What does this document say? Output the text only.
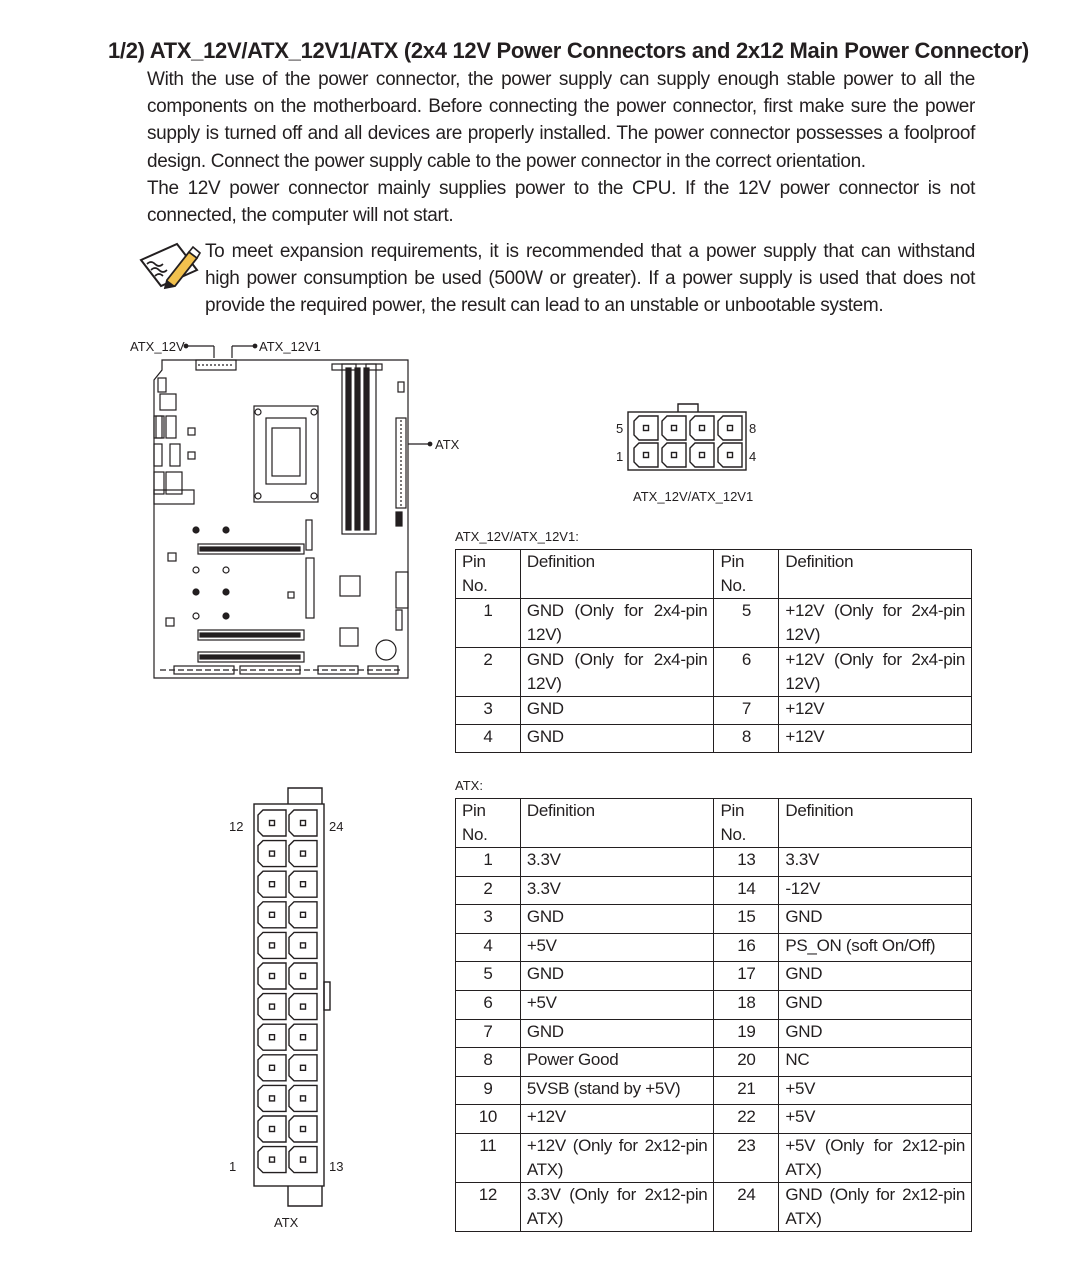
1/2) ATX_12V/ATX_12V1/ATX (2x4 12V Power Connectors and 2x12 Main Power Connector)

With the use of the power connector, the power supply can supply enough stable power to all the components on the motherboard. Before connecting the power connector, first make sure the power supply is turned off and all devices are properly installed. The power connector possesses a foolproof design. Connect the power supply cable to the power connector in the correct orientation.

The 12V power connector mainly supplies power to the CPU. If the 12V power connector is not connected, the computer will not start.

To meet expansion requirements, it is recommended that a power supply that can withstand high power consumption be used (500W or greater). If a power supply is used that does not provide the required power, the result can lead to an unstable or unbootable system.
ATX_12V	ATX_12V1
ATX
5	8
1	4
ATX_12V/ATX_12V1
12	24
1	13
ATX
ATX_12V/ATX_12V1:
Pin No.	Definition	Pin No.	Definition
1	GND (Only for 2x4-pin 12V)	5	+12V (Only for 2x4-pin 12V)
2	GND (Only for 2x4-pin 12V)	6	+12V (Only for 2x4-pin 12V)
3	GND	7	+12V
4	GND	8	+12V
ATX:
Pin No.	Definition	Pin No.	Definition
1	3.3V	13	3.3V
2	3.3V	14	-12V
3	GND	15	GND
4	+5V	16	PS_ON (soft On/Off)
5	GND	17	GND
6	+5V	18	GND
7	GND	19	GND
8	Power Good	20	NC
9	5VSB (stand by +5V)	21	+5V
10	+12V	22	+5V
11	+12V (Only for 2x12-pin ATX)	23	+5V (Only for 2x12-pin ATX)
12	3.3V (Only for 2x12-pin ATX)	24	GND (Only for 2x12-pin ATX)
